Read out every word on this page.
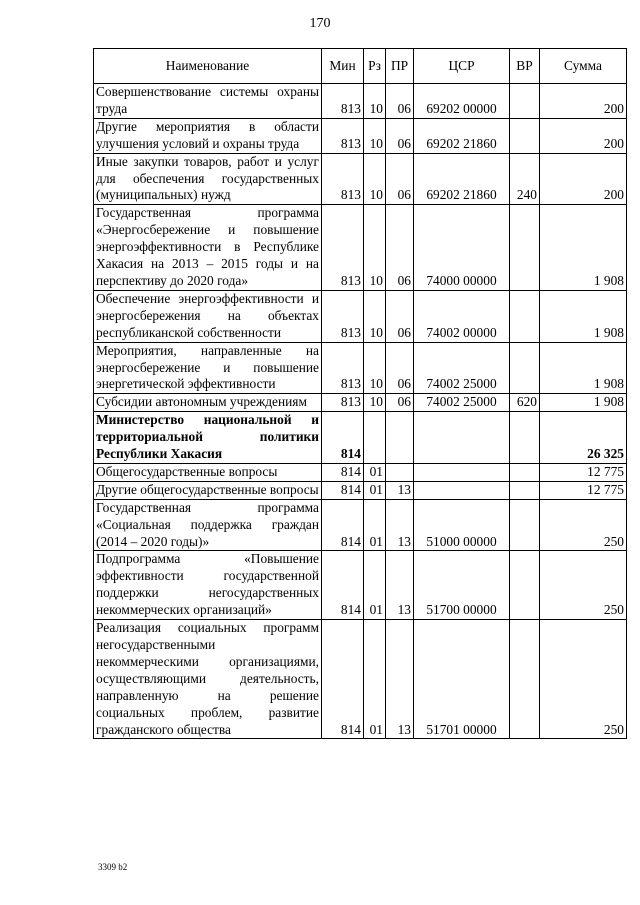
170
Наименование	Мин	Рз	ПР	ЦСР	ВР	Сумма
Совершенствование системы охраны труда	813	10	06	69202 00000		200
Другие мероприятия в области улучшения условий и охраны труда	813	10	06	69202 21860		200
Иные закупки товаров, работ и услуг для обеспечения государственных (муниципальных) нужд	813	10	06	69202 21860	240	200
Государственная программа «Энергосбережение и повышение энергоэффективности в Республике Хакасия на 2013 – 2015 годы и на перспективу до 2020 года»	813	10	06	74000 00000		1 908
Обеспечение энергоэффективности и энергосбережения на объектах республиканской собственности	813	10	06	74002 00000		1 908
Мероприятия, направленные на энергосбережение и повышение энергетической эффективности	813	10	06	74002 25000		1 908
Субсидии автономным учреждениям	813	10	06	74002 25000	620	1 908
Министерство национальной и территориальной политики Республики Хакасия	814					26 325
Общегосударственные вопросы	814	01				12 775
Другие общегосударственные вопросы	814	01	13			12 775
Государственная программа «Социальная поддержка граждан (2014 – 2020 годы)»	814	01	13	51000 00000		250
Подпрограмма «Повышение эффективности государственной поддержки негосударственных некоммерческих организаций»	814	01	13	51700 00000		250
Реализация социальных программ негосударственными некоммерческими организациями, осуществляющими деятельность, направленную на решение социальных проблем, развитие гражданского общества	814	01	13	51701 00000		250
3309 b2
